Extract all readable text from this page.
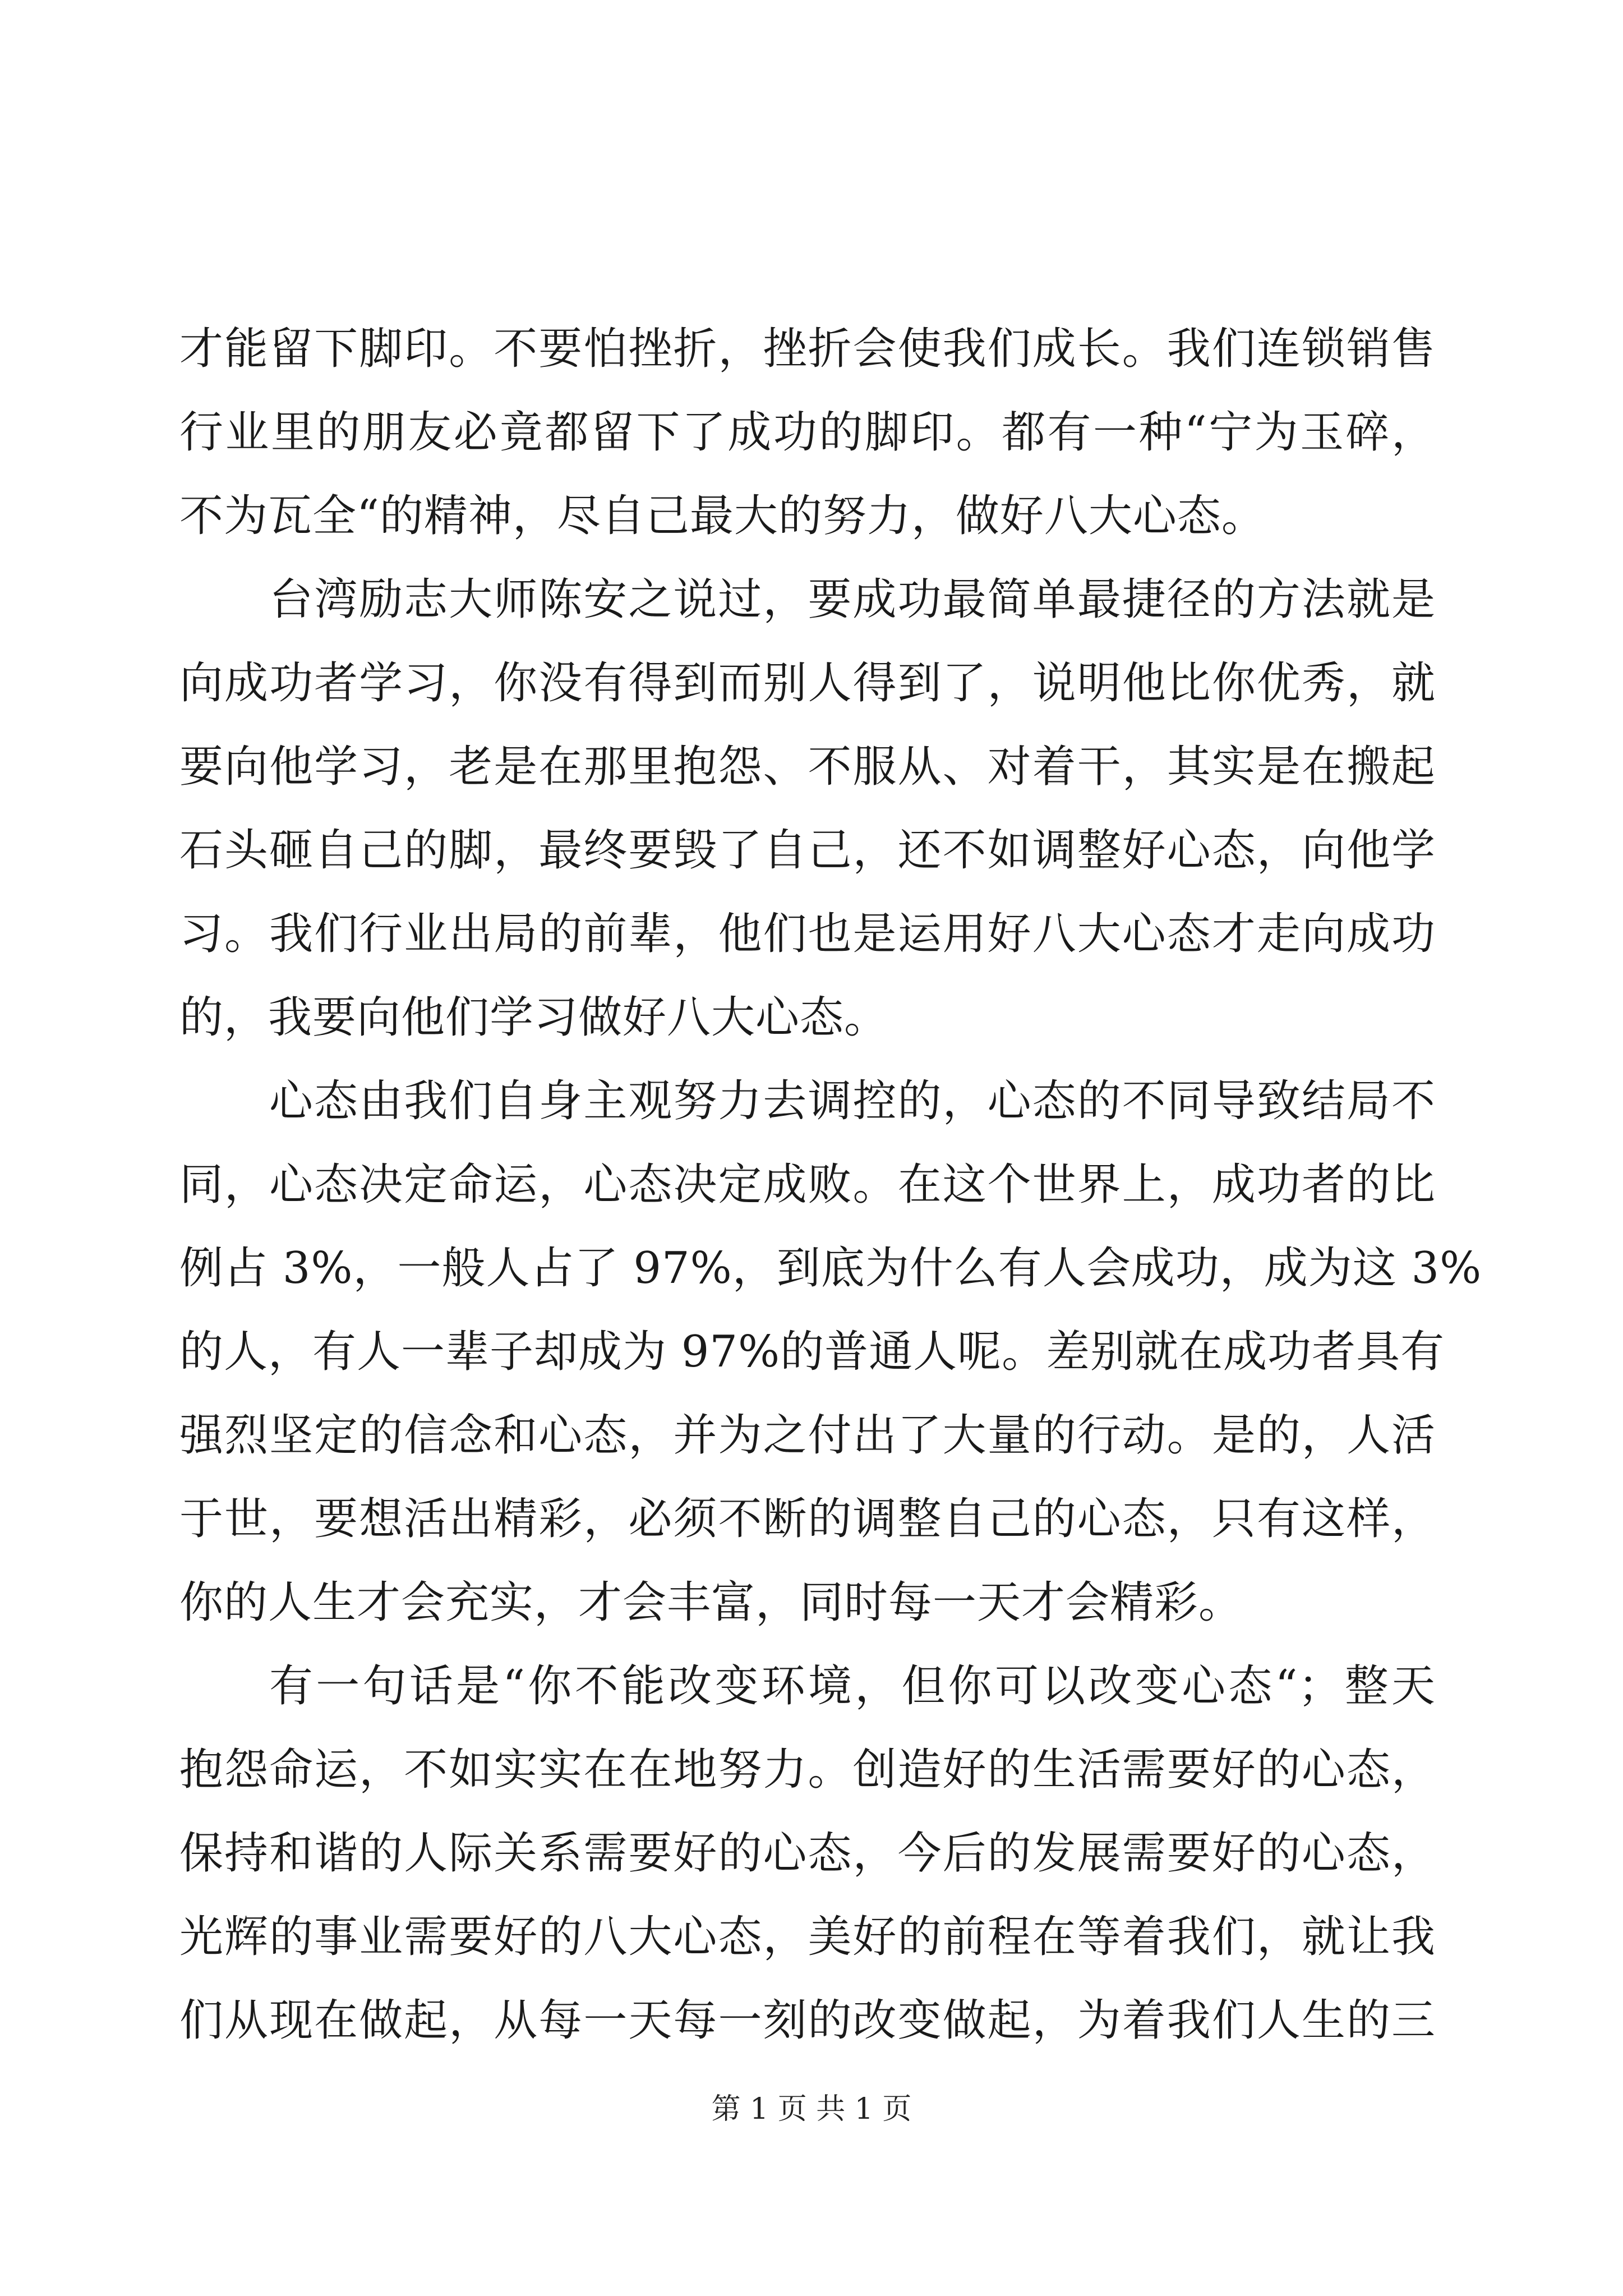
才能留下脚印。不要怕挫折，挫折会使我们成长。我们连锁销售
行业里的朋友必竟都留下了成功的脚印。都有一种“宁为玉碎，
不为瓦全“的精神，尽自己最大的努力，做好八大心态。
台湾励志大师陈安之说过，要成功最简单最捷径的方法就是
向成功者学习，你没有得到而别人得到了，说明他比你优秀，就
要向他学习，老是在那里抱怨、不服从、对着干，其实是在搬起
石头砸自己的脚，最终要毁了自己，还不如调整好心态，向他学
习。我们行业出局的前辈，他们也是运用好八大心态才走向成功
的，我要向他们学习做好八大心态。
心态由我们自身主观努力去调控的，心态的不同导致结局不
同，心态决定命运，心态决定成败。在这个世界上，成功者的比
例占 3%，一般人占了 97%，到底为什么有人会成功，成为这 3%
的人，有人一辈子却成为 97%的普通人呢。差别就在成功者具有
强烈坚定的信念和心态，并为之付出了大量的行动。是的，人活
于世，要想活出精彩，必须不断的调整自己的心态，只有这样，
你的人生才会充实，才会丰富，同时每一天才会精彩。
有一句话是“你不能改变环境，但你可以改变心态“；整天
抱怨命运，不如实实在在地努力。创造好的生活需要好的心态，
保持和谐的人际关系需要好的心态，今后的发展需要好的心态，
光辉的事业需要好的八大心态，美好的前程在等着我们，就让我
们从现在做起，从每一天每一刻的改变做起，为着我们人生的三
第 1 页 共 1 页
